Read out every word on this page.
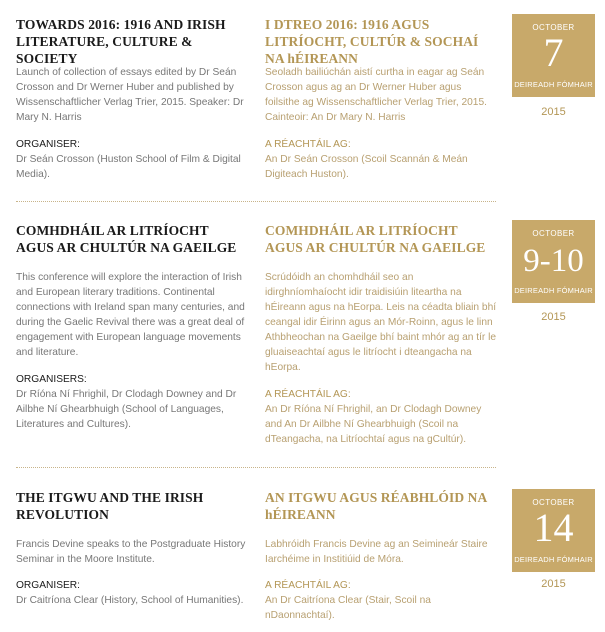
TOWARDS 2016: 1916 AND IRISH LITERATURE, CULTURE & SOCIETY
Launch of collection of essays edited by Dr Seán Crosson and Dr Werner Huber and published by Wissenschaftlicher Verlag Trier, 2015. Speaker: Dr Mary N. Harris
ORGANISER:
Dr Seán Crosson (Huston School of Film & Digital Media).
I DTREO 2016: 1916 AGUS LITRÍOCHT, CULTÚR & SOCHAÍ NA hÉIREANN
Seoladh bailiúchán aistí curtha in eagar ag Seán Crosson agus ag an Dr Werner Huber agus foilsithe ag Wissenschaftlicher Verlag Trier, 2015. Cainteoir: An Dr Mary N. Harris
A RÉACHTÁIL AG:
An Dr Seán Crosson (Scoil Scannán & Meán Digiteach Huston).
OCTOBER
7
DEIREADH FÓMHAIR
2015
COMHDHÁIL AR LITRÍOCHT AGUS AR CHULTÚR NA GAEILGE
This conference will explore the interaction of Irish and European literary traditions. Continental connections with Ireland span many centuries, and during the Gaelic Revival there was a great deal of engagement with European language movements and literature.
ORGANISERS:
Dr Ríóna Ní Fhrighil, Dr Clodagh Downey and Dr Ailbhe Ní Ghearbhuigh (School of Languages, Literatures and Cultures).
COMHDHÁIL AR LITRÍOCHT AGUS AR CHULTÚR NA GAEILGE
Scrúdóidh an chomhdháil seo an idirghníomhaíocht idir traidisiúin liteartha na hÉireann agus na hEorpa. Leis na céadta bliain bhí ceangal idir Éirinn agus an Mór-Roinn, agus le linn Athbheochan na Gaeilge bhí baint mhór ag an tír le gluaiseachtaí agus le litríocht i dteangacha na hEorpa.
A RÉACHTÁIL AG:
An Dr Ríóna Ní Fhrighil, an Dr Clodagh Downey and An Dr Ailbhe Ní Ghearbhuigh (Scoil na dTeangacha, na Litríochtaí agus na gCultúr).
OCTOBER
9-10
DEIREADH FÓMHAIR
2015
THE ITGWU AND THE IRISH REVOLUTION
Francis Devine speaks to the Postgraduate History Seminar in the Moore Institute.
ORGANISER:
Dr Caitríona Clear (History, School of Humanities).
AN ITGWU AGUS RÉABHLÓID NA hÉIREANN
Labhróidh Francis Devine ag an Seimineár Staire Iarchéime in Institiúid de Móra.
A RÉACHTÁIL AG:
An Dr Caitríona Clear (Stair, Scoil na nDaonnachtaí).
OCTOBER
14
DEIREADH FÓMHAIR
2015
